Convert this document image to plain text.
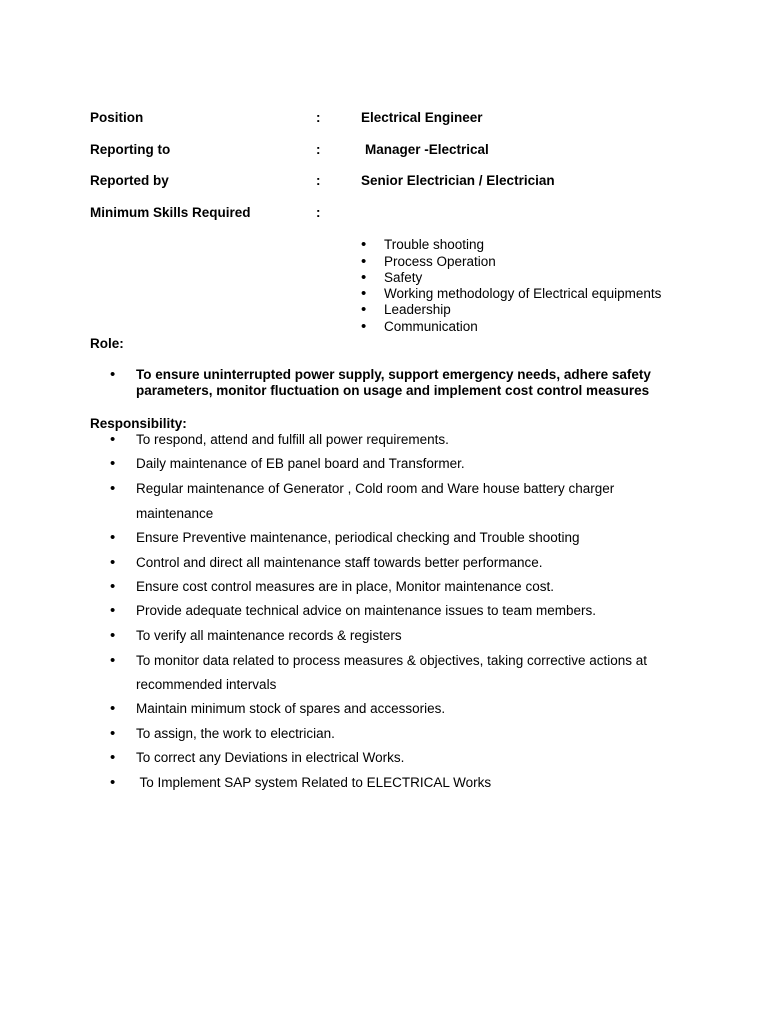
Position	:	Electrical Engineer
Reporting to	:	Manager -Electrical
Reported by	:	Senior Electrician / Electrician
Minimum Skills Required	:
• Trouble shooting
• Process Operation
• Safety
• Working methodology of Electrical equipments
• Leadership
• Communication
Role:
• To ensure uninterrupted power supply, support emergency needs, adhere safety
parameters, monitor fluctuation on usage and implement cost control measures
Responsibility:
• To respond, attend and fulfill all power requirements.
• Daily maintenance of EB panel board and Transformer.
• Regular maintenance of Generator , Cold room and Ware house battery charger
maintenance
• Ensure Preventive maintenance, periodical checking and Trouble shooting
• Control and direct all maintenance staff towards better performance.
• Ensure cost control measures are in place, Monitor maintenance cost.
• Provide adequate technical advice on maintenance issues to team members.
• To verify all maintenance records & registers
• To monitor data related to process measures & objectives, taking corrective actions at
recommended intervals
• Maintain minimum stock of spares and accessories.
• To assign, the work to electrician.
• To correct any Deviations in electrical Works.
• To Implement SAP system Related to ELECTRICAL Works
